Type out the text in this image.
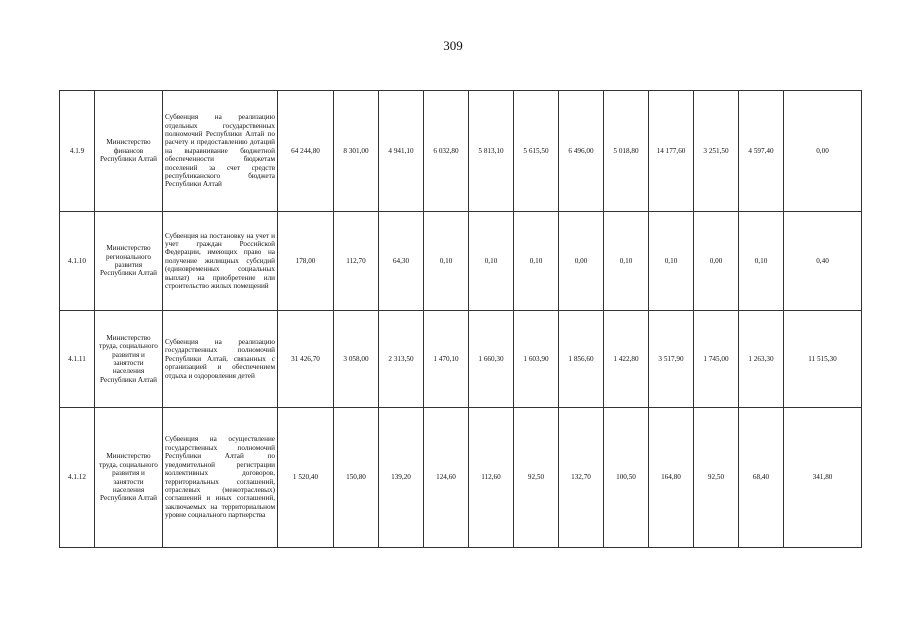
309
4.1.9	Министерство финансов Республики Алтай	Субвенция на реализацию отдельных государственных полномочий Республики Алтай по расчету и предоставлению дотаций на выравнивание бюджетной обеспеченности бюджетам поселений за счет средств республиканского бюджета Республики Алтай	64 244,80	8 301,00	4 941,10	6 032,80	5 813,10	5 615,50	6 496,00	5 018,80	14 177,60	3 251,50	4 597,40	0,00
4.1.10	Министерство регионального развития Республики Алтай	Субвенция на постановку на учет и учет граждан Российской Федерации, имеющих право на получение жилищных субсидий (единовременных социальных выплат) на приобретение или строительство жилых помещений	178,00	112,70	64,30	0,10	0,10	0,10	0,00	0,10	0,10	0,00	0,10	0,40
4.1.11	Министерство труда, социального развития и занятости населения Республики Алтай	Субвенция на реализацию государственных полномочий Республики Алтай, связанных с организацией и обеспечением отдыха и оздоровления детей	31 426,70	3 058,00	2 313,50	1 470,10	1 660,30	1 603,90	1 856,60	1 422,80	3 517,90	1 745,00	1 263,30	11 515,30
4.1.12	Министерство труда, социального развития и занятости населения Республики Алтай	Субвенция на осуществление государственных полномочий Республики Алтай по уведомительной регистрации коллективных договоров, территориальных соглашений, отраслевых (межотраслевых) соглашений и иных соглашений, заключаемых на территориальном уровне социального партнерства	1 520,40	150,80	139,20	124,60	112,60	92,50	132,70	100,50	164,80	92,50	68,40	341,80
